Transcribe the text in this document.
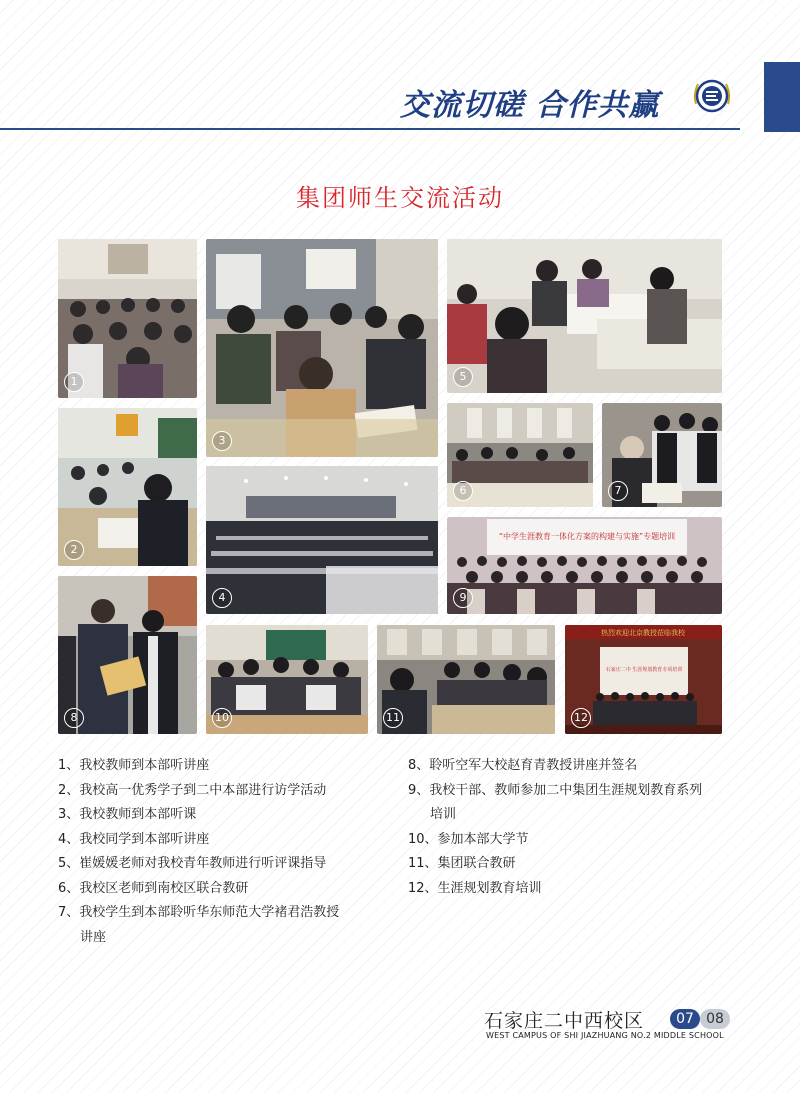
交流切磋 合作共赢
集团师生交流活动
1
2
3
4
5
6	7
8
“中学生涯教育一体化方案的构建与实施”专题培训
9
10	11
热烈欢迎北京教授莅临我校
石家庄二中 生涯规划教育专项培训
12
1、我校教师到本部听讲座
2、我校高一优秀学子到二中本部进行访学活动
3、我校教师到本部听课
4、我校同学到本部听讲座
5、崔媛媛老师对我校青年教师进行听评课指导
6、我校区老师到南校区联合教研
7、我校学生到本部聆听华东师范大学褚君浩教授
讲座
8、聆听空军大校赵育青教授讲座并签名
9、我校干部、教师参加二中集团生涯规划教育系列
培训
10、参加本部大学节
11、集团联合教研
12、生涯规划教育培训
石家庄二中西校区	07 08
WEST CAMPUS OF SHI JIAZHUANG NO.2 MIDDLE SCHOOL
